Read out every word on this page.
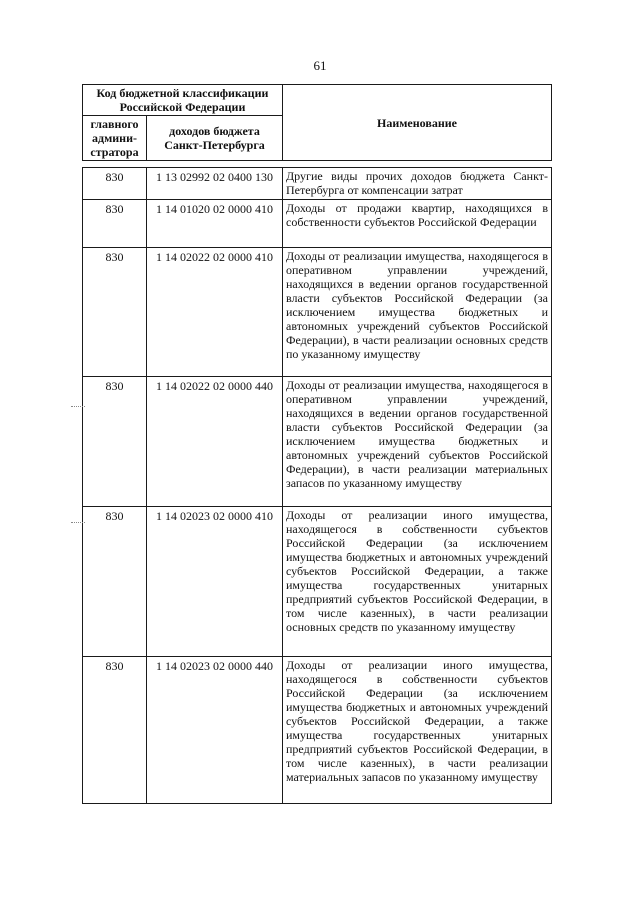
61
Код бюджетной классификации Российской Федерации		Наименование
главного админи-стратора	доходов бюджета Санкт-Петербурга	
830	1 13 02992 02 0400 130	Другие виды прочих доходов бюджета Санкт-Петербурга от компенсации затрат
830	1 14 01020 02 0000 410	Доходы от продажи квартир, находящихся в собственности субъектов Российской Федерации
830	1 14 02022 02 0000 410	Доходы от реализации имущества, находящегося в оперативном управлении учреждений, находящихся в ведении органов государственной власти субъектов Российской Федерации (за исключением имущества бюджетных и автономных учреждений субъектов Российской Федерации), в части реализации основных средств по указанному имуществу
830	1 14 02022 02 0000 440	Доходы от реализации имущества, находящегося в оперативном управлении учреждений, находящихся в ведении органов государственной власти субъектов Российской Федерации (за исключением имущества бюджетных и автономных учреждений субъектов Российской Федерации), в части реализации материальных запасов по указанному имуществу
830	1 14 02023 02 0000 410	Доходы от реализации иного имущества, находящегося в собственности субъектов Российской Федерации (за исключением имущества бюджетных и автономных учреждений субъектов Российской Федерации, а также имущества государственных унитарных предприятий субъектов Российской Федерации, в том числе казенных), в части реализации основных средств по указанному имуществу
830	1 14 02023 02 0000 440	Доходы от реализации иного имущества, находящегося в собственности субъектов Российской Федерации (за исключением имущества бюджетных и автономных учреждений субъектов Российской Федерации, а также имущества государственных унитарных предприятий субъектов Российской Федерации, в том числе казенных), в части реализации материальных запасов по указанному имуществу
